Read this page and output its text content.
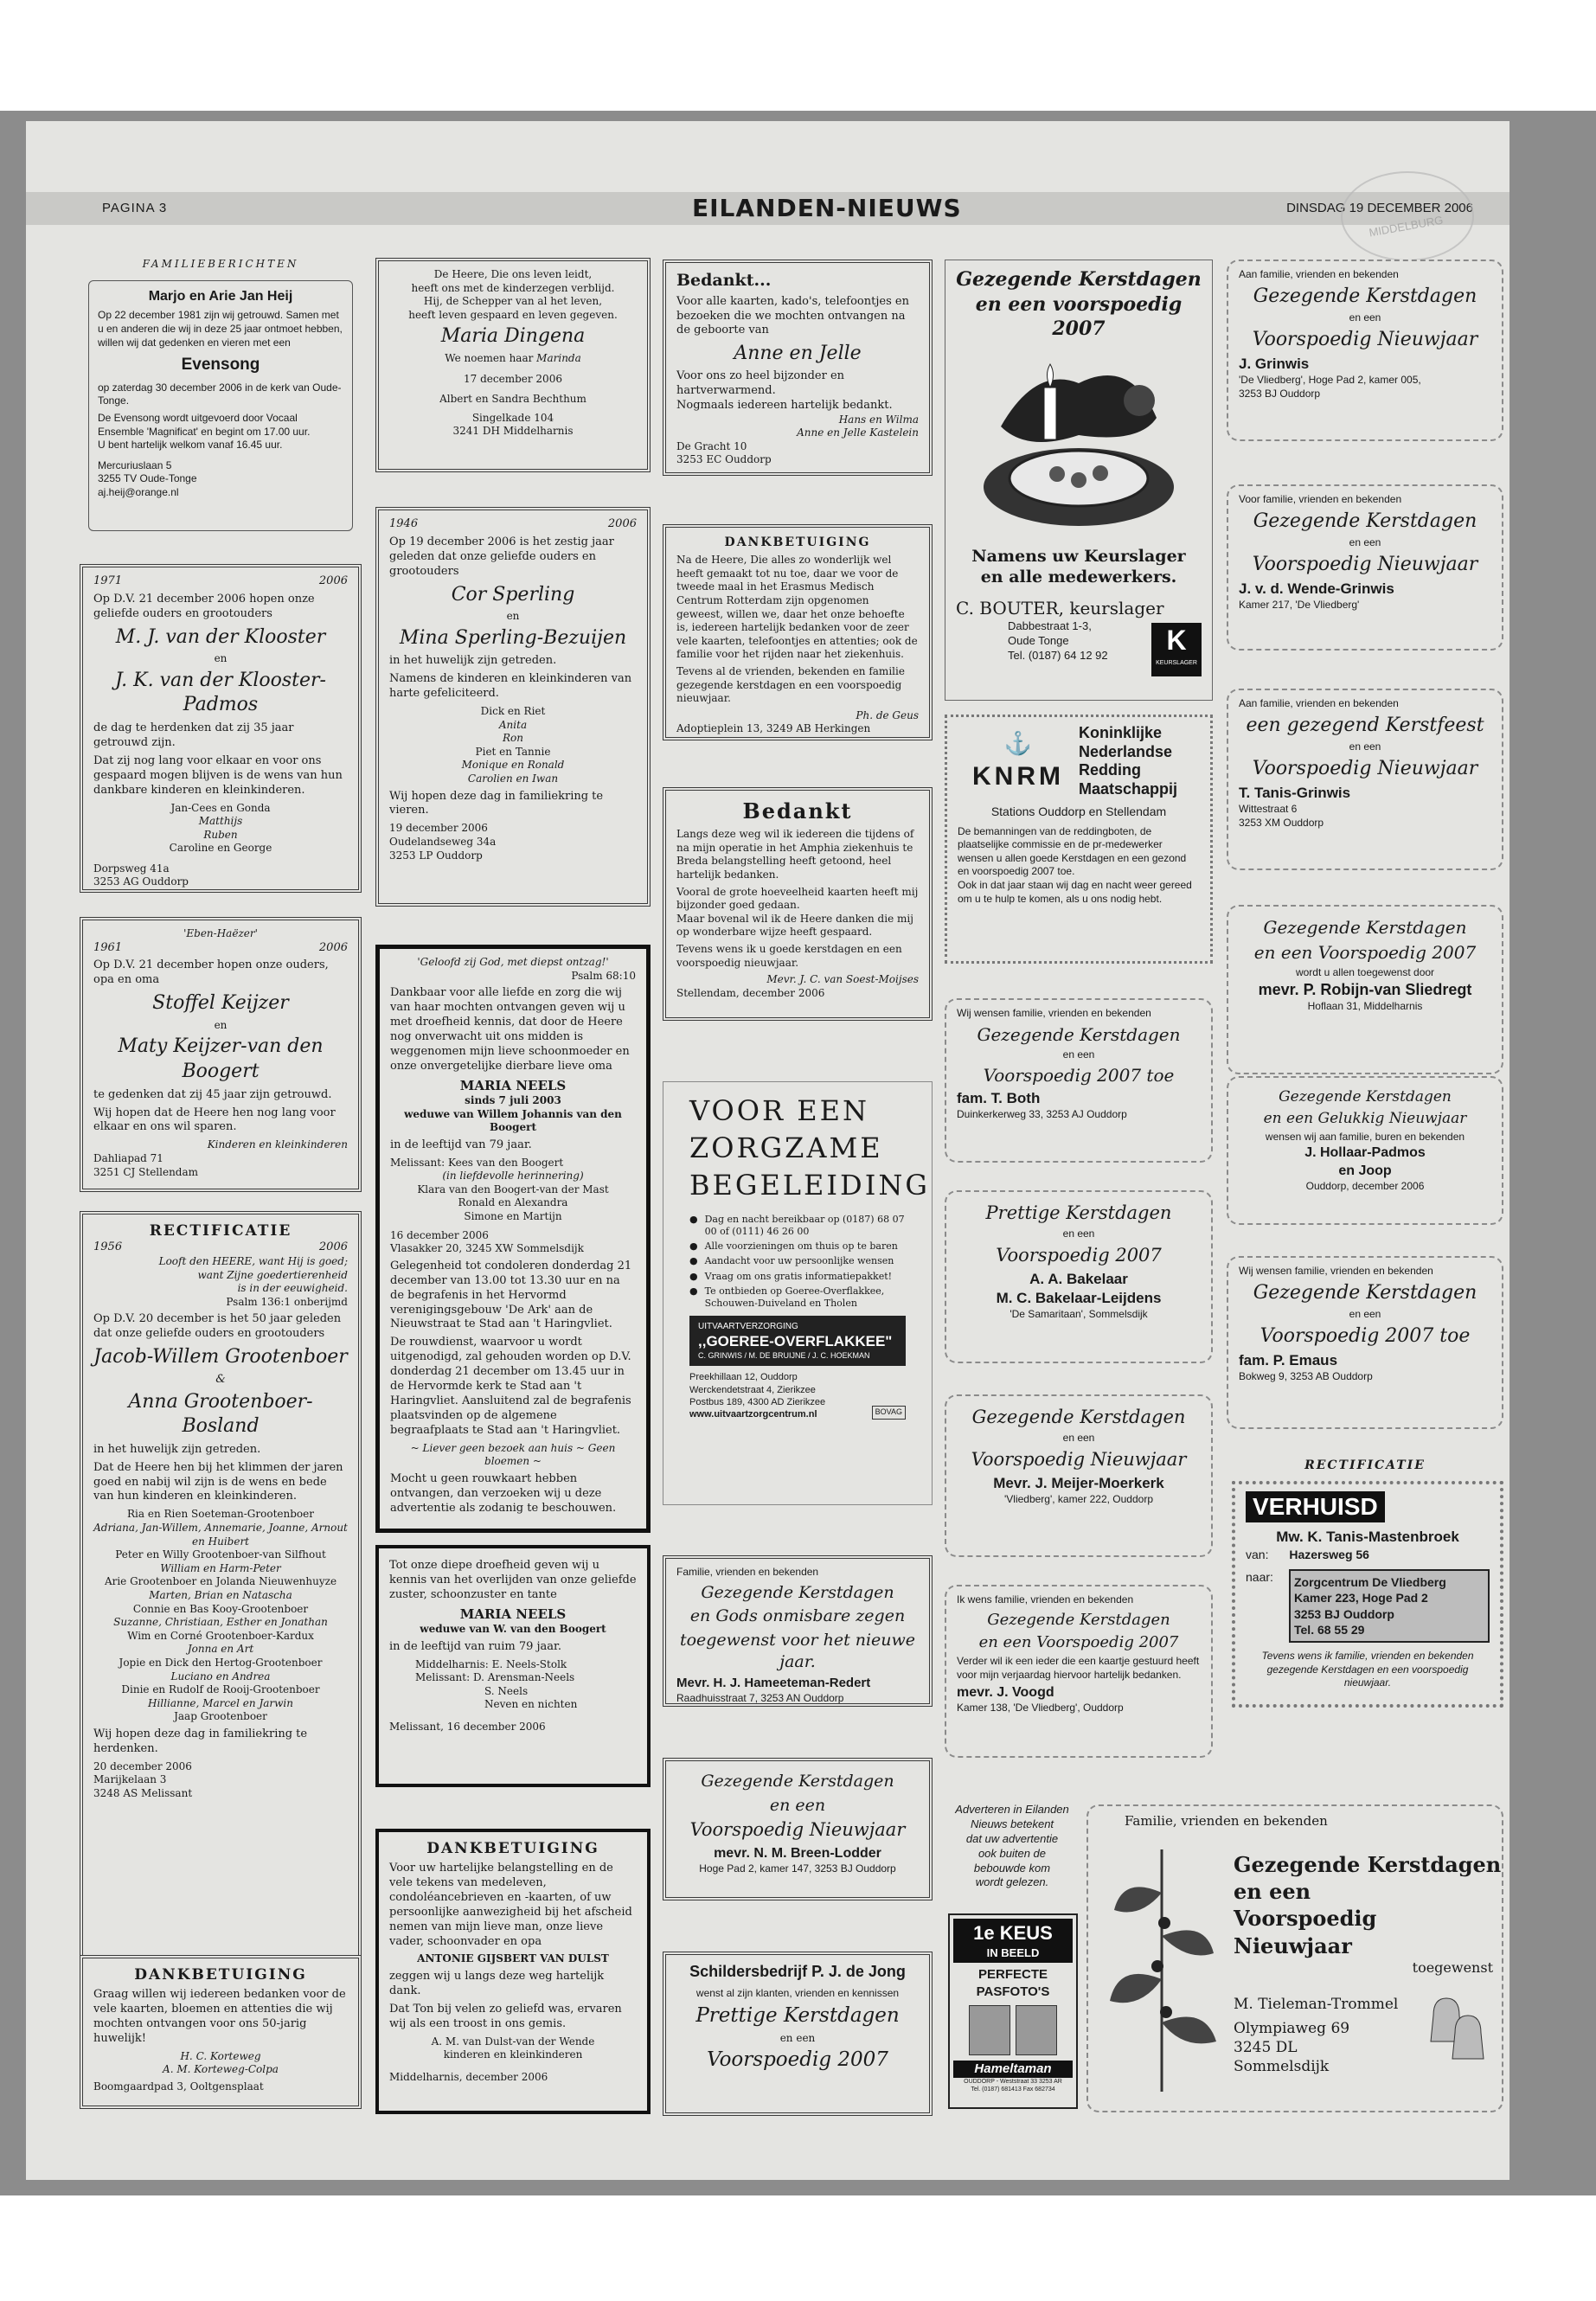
PAGINA 3	EILANDEN-NIEUWS	DINSDAG 19 DECEMBER 2006
MIDDELBURG
FAMILIEBERICHTEN
Marjo en Arie Jan Heij

Op 22 december 1981 zijn wij getrouwd. Samen met u en anderen die wij in deze 25 jaar ontmoet hebben, willen wij dat gedenken en vieren met een

Evensong

op zaterdag 30 december 2006 in de kerk van Oude-Tonge.

De Evensong wordt uitgevoerd door Vocaal Ensemble 'Magnificat' en begint om 17.00 uur.

U bent hartelijk welkom vanaf 16.45 uur.

Mercuriuslaan 5
3255 TV Oude-Tonge
aj.heij@orange.nl
1971	2006

Op D.V. 21 december 2006 hopen onze geliefde ouders en grootouders

M. J. van der Klooster
en
J. K. van der Klooster-Padmos

de dag te herdenken dat zij 35 jaar getrouwd zijn.

Dat zij nog lang voor elkaar en voor ons gespaard mogen blijven is de wens van hun dankbare kinderen en kleinkinderen.

Jan-Cees en Gonda
Matthijs
Ruben
Caroline en George
Dorpsweg 41a
3253 AG Ouddorp
'Eben-Haëzer'
1961	2006

Op D.V. 21 december hopen onze ouders, opa en oma

Stoffel Keijzer
en
Maty Keijzer-van den Boogert

te gedenken dat zij 45 jaar zijn getrouwd.

Wij hopen dat de Heere hen nog lang voor elkaar en ons wil sparen.

Kinderen en kleinkinderen
Dahliapad 71
3251 CJ Stellendam
RECTIFICATIE
1956	2006
Looft den HEERE, want Hij is goed;
want Zijne goedertierenheid
is in der eeuwigheid.
Psalm 136:1 onberijmd

Op D.V. 20 december is het 50 jaar geleden dat onze geliefde ouders en grootouders

Jacob-Willem Grootenboer
&
Anna Grootenboer-Bosland

in het huwelijk zijn getreden.

Dat de Heere hen bij het klimmen der jaren goed en nabij wil zijn is de wens en bede van hun kinderen en kleinkinderen.

Ria en Rien Soeteman-Grootenboer
Adriana, Jan-Willem, Annemarie, Joanne, Arnout en Huibert
Peter en Willy Grootenboer-van Silfhout
William en Harm-Peter
Arie Grootenboer en Jolanda Nieuwenhuyze
Marten, Brian en Natascha
Connie en Bas Kooy-Grootenboer
Suzanne, Christiaan, Esther en Jonathan
Wim en Corné Grootenboer-Kardux
Jonna en Art
Jopie en Dick den Hertog-Grootenboer
Luciano en Andrea
Dinie en Rudolf de Rooij-Grootenboer
Hillianne, Marcel en Jarwin
Jaap Grootenboer

Wij hopen deze dag in familiekring te herdenken.

20 december 2006
Marijkelaan 3
3248 AS Melissant
DANKBETUIGING

Graag willen wij iedereen bedanken voor de vele kaarten, bloemen en attenties die wij mochten ontvangen voor ons 50-jarig huwelijk!

H. C. Korteweg
A. M. Korteweg-Colpa
Boomgaardpad 3, Ooltgensplaat
De Heere, Die ons leven leidt,
heeft ons met de kinderzegen verblijd.
Hij, de Schepper van al het leven,
heeft leven gespaard en leven gegeven.
Maria Dingena
We noemen haar Marinda
17 december 2006
Albert en Sandra Bechthum
Singelkade 104
3241 DH Middelharnis
1946	2006

Op 19 december 2006 is het zestig jaar geleden dat onze geliefde ouders en grootouders

Cor Sperling
en
Mina Sperling-Bezuijen

in het huwelijk zijn getreden.

Namens de kinderen en kleinkinderen van harte gefeliciteerd.

Dick en Riet
Anita
Ron
Piet en Tannie
Monique en Ronald
Carolien en Iwan

Wij hopen deze dag in familiekring te vieren.

19 december 2006
Oudelandseweg 34a
3253 LP Ouddorp
'Geloofd zij God, met diepst ontzag!'
Psalm 68:10

Dankbaar voor alle liefde en zorg die wij van haar mochten ontvangen geven wij u met droefheid kennis, dat door de Heere nog onverwacht uit ons midden is weggenomen mijn lieve schoonmoeder en onze onvergetelijke dierbare lieve oma

MARIA NEELS
sinds 7 juli 2003
weduwe van Willem Johannis van den Boogert

in de leeftijd van 79 jaar.

Melissant: Kees van den Boogert
(in liefdevolle herinnering)
Klara van den Boogert-van der Mast
Ronald en Alexandra
Simone en Martijn
16 december 2006
Vlasakker 20, 3245 XW Sommelsdijk

Gelegenheid tot condoleren donderdag 21 december van 13.00 tot 13.30 uur en na de begrafenis in het Hervormd verenigingsgebouw 'De Ark' aan de Nieuwstraat te Stad aan 't Haringvliet.

De rouwdienst, waarvoor u wordt uitgenodigd, zal gehouden worden op D.V. donderdag 21 december om 13.45 uur in de Hervormde kerk te Stad aan 't Haringvliet. Aansluitend zal de begrafenis plaatsvinden op de algemene begraafplaats te Stad aan 't Haringvliet.

~ Liever geen bezoek aan huis ~ Geen bloemen ~

Mocht u geen rouwkaart hebben ontvangen, dan verzoeken wij u deze advertentie als zodanig te beschouwen.

Tot onze diepe droefheid geven wij u kennis van het overlijden van onze geliefde zuster, schoonzuster en tante

MARIA NEELS
weduwe van W. van den Boogert

in de leeftijd van ruim 79 jaar.

Middelharnis: E. Neels-Stolk
Melissant: D. Arensman-Neels
S. Neels
Neven en nichten
Melissant, 16 december 2006
DANKBETUIGING

Voor uw hartelijke belangstelling en de vele tekens van medeleven, condoléancebrieven en -kaarten, of uw persoonlijke aanwezigheid bij het afscheid nemen van mijn lieve man, onze lieve vader, schoonvader en opa

ANTONIE GIJSBERT VAN DULST

zeggen wij u langs deze weg hartelijk dank.

Dat Ton bij velen zo geliefd was, ervaren wij als een troost in ons gemis.

A. M. van Dulst-van der Wende
kinderen en kleinkinderen
Middelharnis, december 2006
Bedankt...

Voor alle kaarten, kado's, telefoontjes en bezoeken die we mochten ontvangen na de geboorte van

Anne en Jelle

Voor ons zo heel bijzonder en hartverwarmend.

Nogmaals iedereen hartelijk bedankt.

Hans en Wilma
Anne en Jelle Kastelein
De Gracht 10
3253 EC Ouddorp
DANKBETUIGING

Na de Heere, Die alles zo wonderlijk wel heeft gemaakt tot nu toe, daar we voor de tweede maal in het Erasmus Medisch Centrum Rotterdam zijn opgenomen geweest, willen we, daar het onze behoefte is, iedereen hartelijk bedanken voor de zeer vele kaarten, telefoontjes en attenties; ook de familie voor het rijden naar het ziekenhuis.

Tevens al de vrienden, bekenden en familie gezegende kerstdagen en een voorspoedig nieuwjaar.

Ph. de Geus
Adoptieplein 13, 3249 AB Herkingen
Bedankt

Langs deze weg wil ik iedereen die tijdens of na mijn operatie in het Amphia ziekenhuis te Breda belangstelling heeft getoond, heel hartelijk bedanken.

Vooral de grote hoeveelheid kaarten heeft mij bijzonder goed gedaan.

Maar bovenal wil ik de Heere danken die mij op wonderbare wijze heeft gespaard.

Tevens wens ik u goede kerstdagen en een voorspoedig nieuwjaar.

Mevr. J. C. van Soest-Moijses
Stellendam, december 2006
VOOR EEN
ZORGZAME
BEGELEIDING
● Dag en nacht bereikbaar op (0187) 68 07 00 of (0111) 46 26 00
● Alle voorzieningen om thuis op te baren
● Aandacht voor uw persoonlijke wensen
● Vraag om ons gratis informatiepakket!
● Te ontbieden op Goeree-Overflakkee, Schouwen-Duiveland en Tholen
UITVAARTVERZORGING
,,GOEREE-OVERFLAKKEE"
C. GRINWIS / M. DE BRUIJNE / J. C. HOEKMAN
Preekhillaan 12, Ouddorp
Werckendetstraat 4, Zierikzee
Postbus 189, 4300 AD Zierikzee
www.uitvaartzorgcentrum.nl	BOVAG
Familie, vrienden en bekenden
Gezegende Kerstdagen
en Gods onmisbare zegen
toegewenst voor het nieuwe jaar.
Mevr. H. J. Hameeteman-Redert
Raadhuisstraat 7, 3253 AN Ouddorp
Gezegende Kerstdagen
en een
Voorspoedig Nieuwjaar
mevr. N. M. Breen-Lodder
Hoge Pad 2, kamer 147, 3253 BJ Ouddorp
Schildersbedrijf P. J. de Jong
wenst al zijn klanten, vrienden en kennissen
Prettige Kerstdagen
en een
Voorspoedig 2007
Gezegende Kerstdagen
en een voorspoedig 2007
Namens uw Keurslager
en alle medewerkers.
C. BOUTER, keurslager
Dabbestraat 1-3,
Oude Tonge
Tel. (0187) 64 12 92	K
KEURSLAGER
⚓
KNRM
Koninklijke
Nederlandse
Redding
Maatschappij
Stations Ouddorp en Stellendam

De bemanningen van de reddingboten, de plaatselijke commissie en de pr-medewerker wensen u allen goede Kerstdagen en een gezond en voorspoedig 2007 toe.

Ook in dat jaar staan wij dag en nacht weer gereed om u te hulp te komen, als u ons nodig hebt.

Wij wensen familie, vrienden en bekenden
Gezegende Kerstdagen
en een
Voorspoedig 2007 toe
fam. T. Both
Duinkerkerweg 33, 3253 AJ Ouddorp
Prettige Kerstdagen
en een
Voorspoedig 2007
A. A. Bakelaar
M. C. Bakelaar-Leijdens
'De Samaritaan', Sommelsdijk
Gezegende Kerstdagen
en een
Voorspoedig Nieuwjaar
Mevr. J. Meijer-Moerkerk
'Vliedberg', kamer 222, Ouddorp
Ik wens familie, vrienden en bekenden
Gezegende Kerstdagen
en een Voorspoedig 2007

Verder wil ik een ieder die een kaartje gestuurd heeft voor mijn verjaardag hiervoor hartelijk bedanken.

mevr. J. Voogd
Kamer 138, 'De Vliedberg', Ouddorp
Adverteren in Eilanden
Nieuws betekent
dat uw advertentie
ook buiten de
bebouwde kom
wordt gelezen.
1e KEUS
IN BEELD
PERFECTE
PASFOTO'S
Hameltaman
OUDDORP - Weststraat 33 3253 AR
Tel. (0187) 681413 Fax 682734
Aan familie, vrienden en bekenden
Gezegende Kerstdagen
en een
Voorspoedig Nieuwjaar
J. Grinwis
'De Vliedberg', Hoge Pad 2, kamer 005,
3253 BJ Ouddorp
Voor familie, vrienden en bekenden
Gezegende Kerstdagen
en een
Voorspoedig Nieuwjaar
J. v. d. Wende-Grinwis
Kamer 217, 'De Vliedberg'
Aan familie, vrienden en bekenden
een gezegend Kerstfeest
en een
Voorspoedig Nieuwjaar
T. Tanis-Grinwis
Wittestraat 6
3253 XM Ouddorp
Gezegende Kerstdagen
en een Voorspoedig 2007
wordt u allen toegewenst door
mevr. P. Robijn-van Sliedregt
Hoflaan 31, Middelharnis
Gezegende Kerstdagen
en een Gelukkig Nieuwjaar
wensen wij aan familie, buren en bekenden
J. Hollaar-Padmos
en Joop
Ouddorp, december 2006
Wij wensen familie, vrienden en bekenden
Gezegende Kerstdagen
en een
Voorspoedig 2007 toe
fam. P. Emaus
Bokweg 9, 3253 AB Ouddorp
RECTIFICATIE
VERHUISD
Mw. K. Tanis-Mastenbroek
van: Hazersweg 56
naar:	Zorgcentrum De Vliedberg
Kamer 223, Hoge Pad 2
3253 BJ Ouddorp
Tel. 68 55 29

Tevens wens ik familie, vrienden en bekenden gezegende Kerstdagen en een voorspoedig nieuwjaar.

Familie, vrienden en bekenden
Gezegende Kerstdagen
en een
Voorspoedig Nieuwjaar
toegewenst
M. Tieleman-Trommel
Olympiaweg 69
3245 DL
Sommelsdijk
